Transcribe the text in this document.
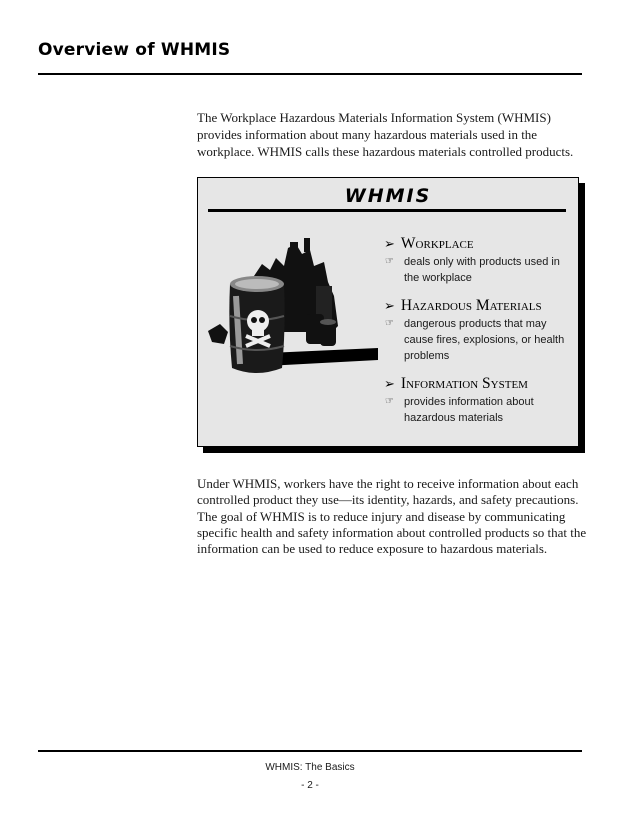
Overview of WHMIS

The Workplace Hazardous Materials Information System (WHMIS) provides information about many hazardous materials used in the workplace. WHMIS calls these hazardous materials controlled products.

WHMIS
➢ Workplace
☞ deals only with products used in the workplace
➢ Hazardous Materials
☞ dangerous products that may cause fires, explosions, or health problems
➢ Information System
☞ provides information about hazardous materials

Under WHMIS, workers have the right to receive information about each controlled product they use—its identity, hazards, and safety precautions. The goal of WHMIS is to reduce injury and disease by communicating specific health and safety information about controlled products so that the information can be used to reduce exposure to hazardous materials.

WHMIS: The Basics
- 2 -
